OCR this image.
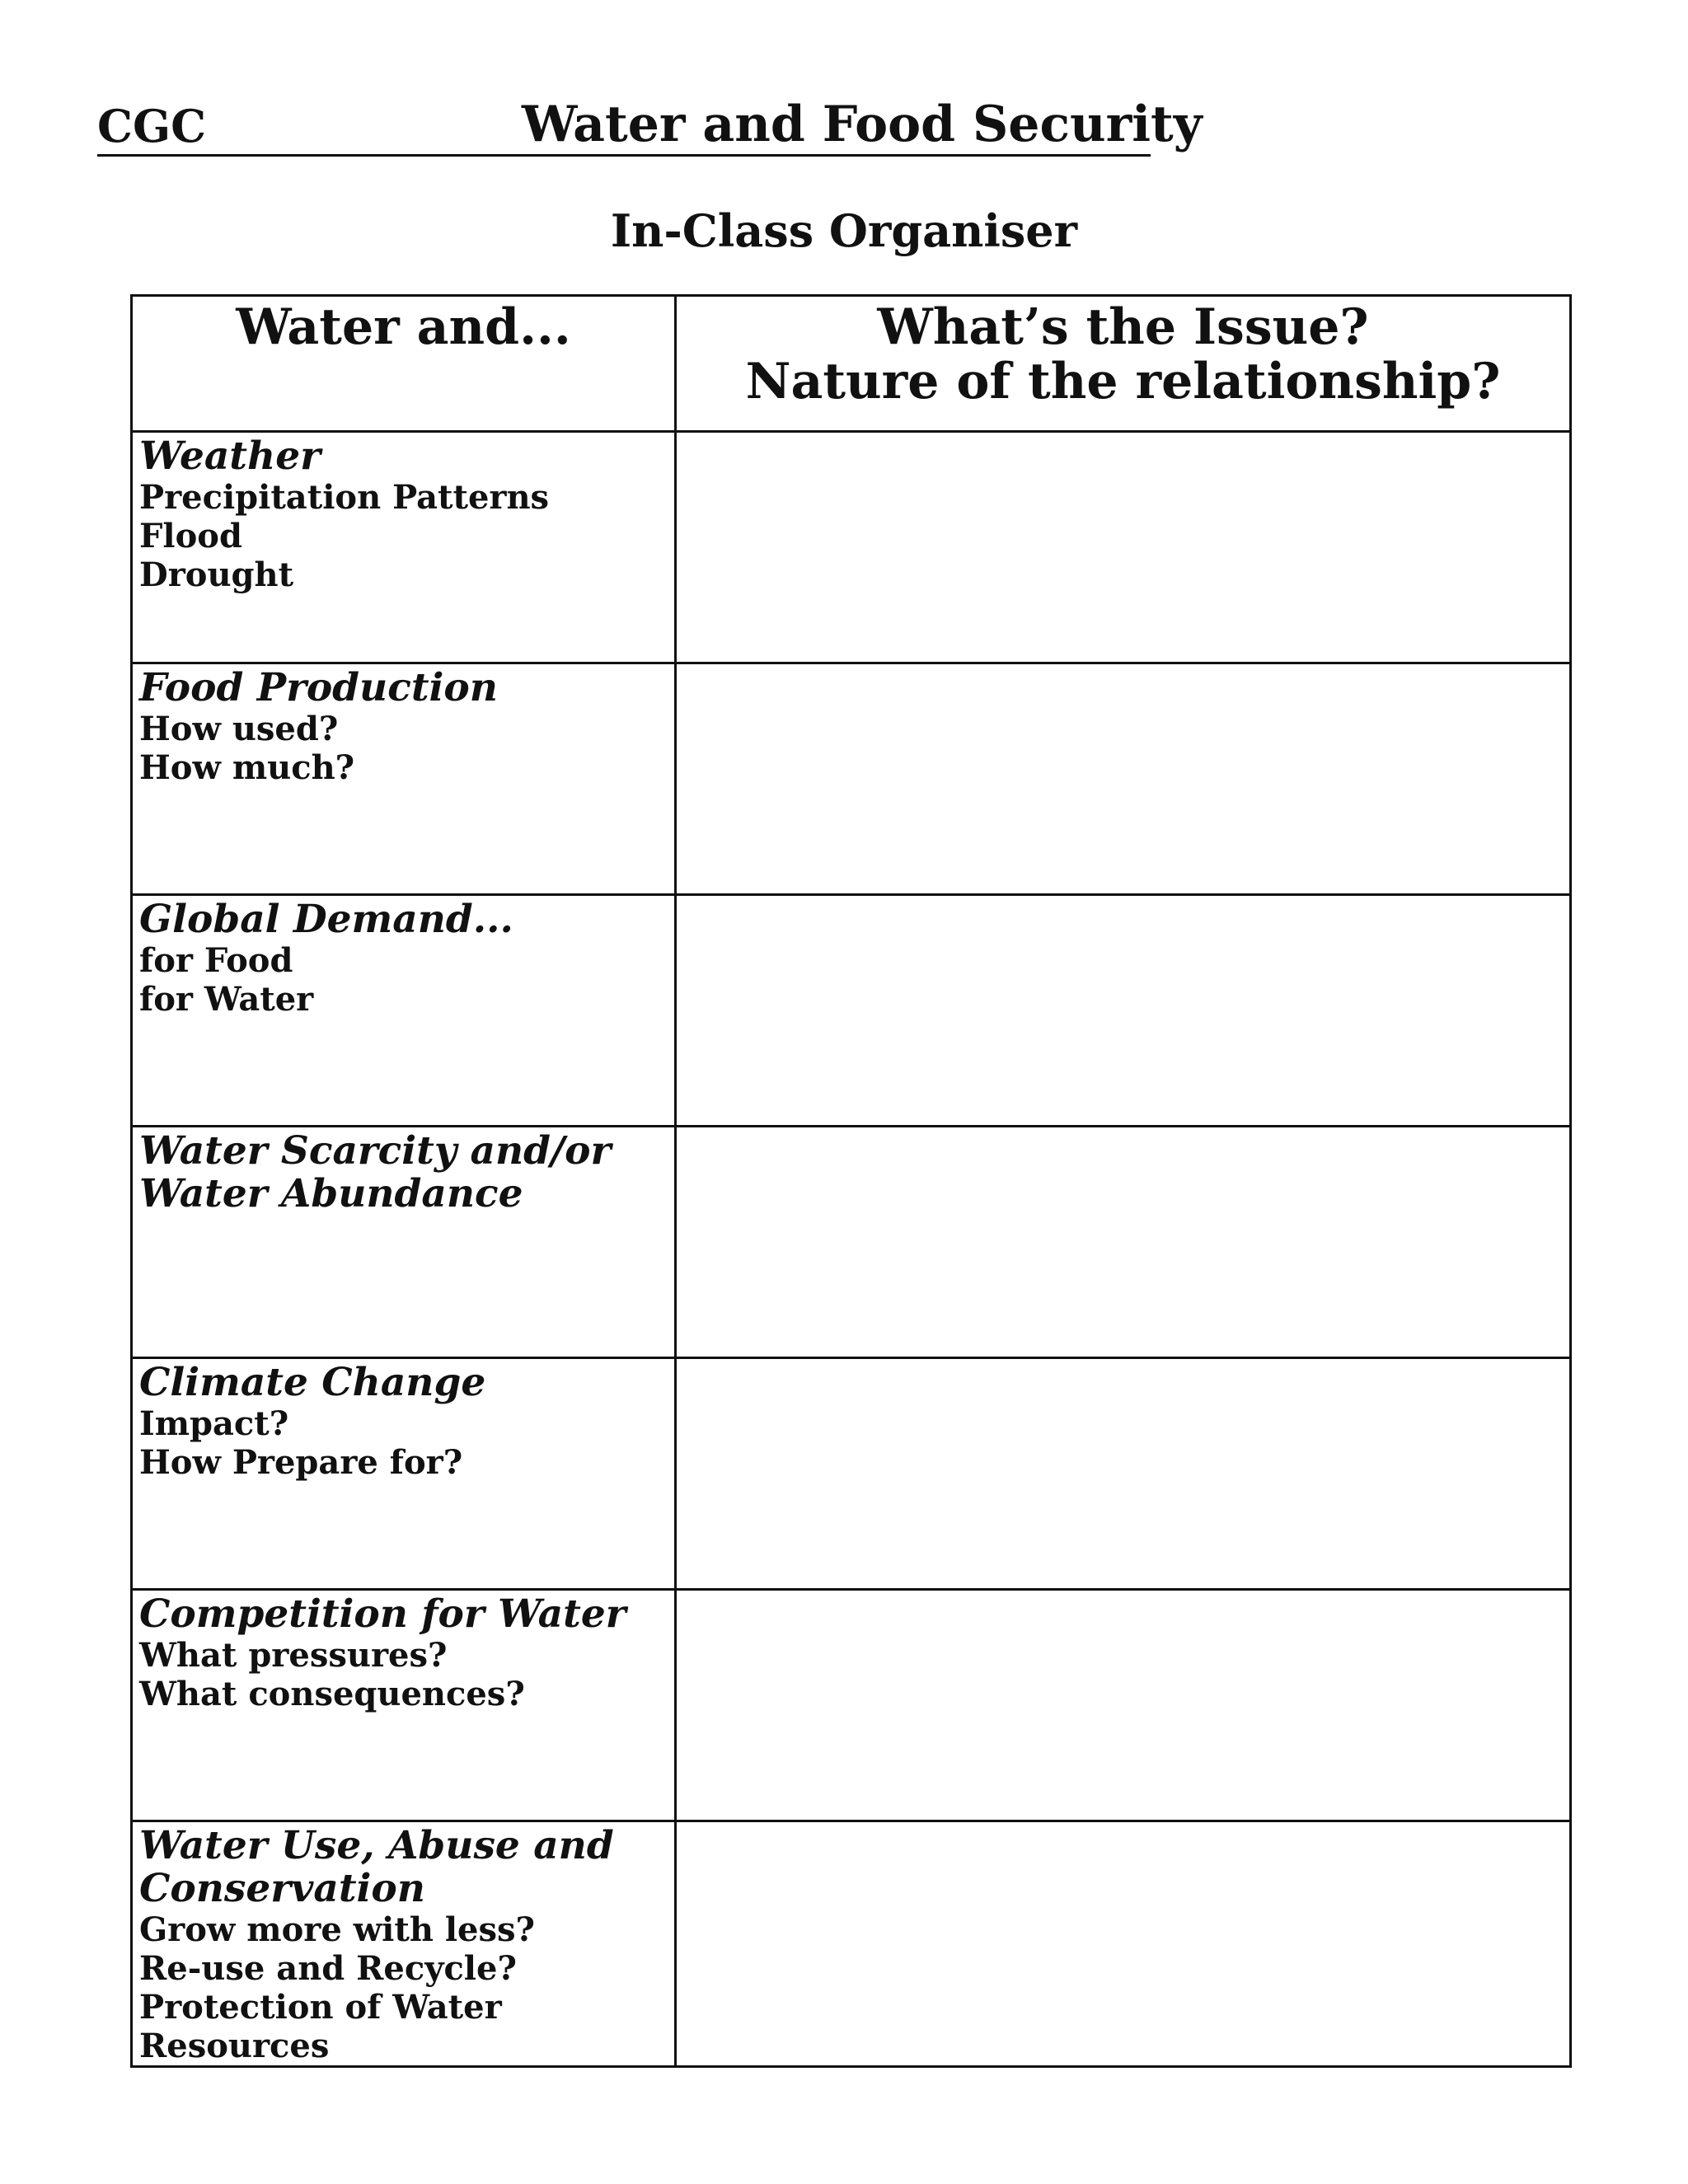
CGC	Water and Food Security
In-Class Organiser
Water and...	What’s the Issue?
Nature of the relationship?

Weather
Precipitation Patterns
Flood
Drought	

Food Production
How used?
How much?	

Global Demand...
for Food
for Water	

Water Scarcity and/or
Water Abundance	

Climate Change
Impact?
How Prepare for?	

Competition for Water
What pressures?
What consequences?	

Water Use, Abuse and
Conservation
Grow more with less?
Re-use and Recycle?
Protection of Water Resources	
